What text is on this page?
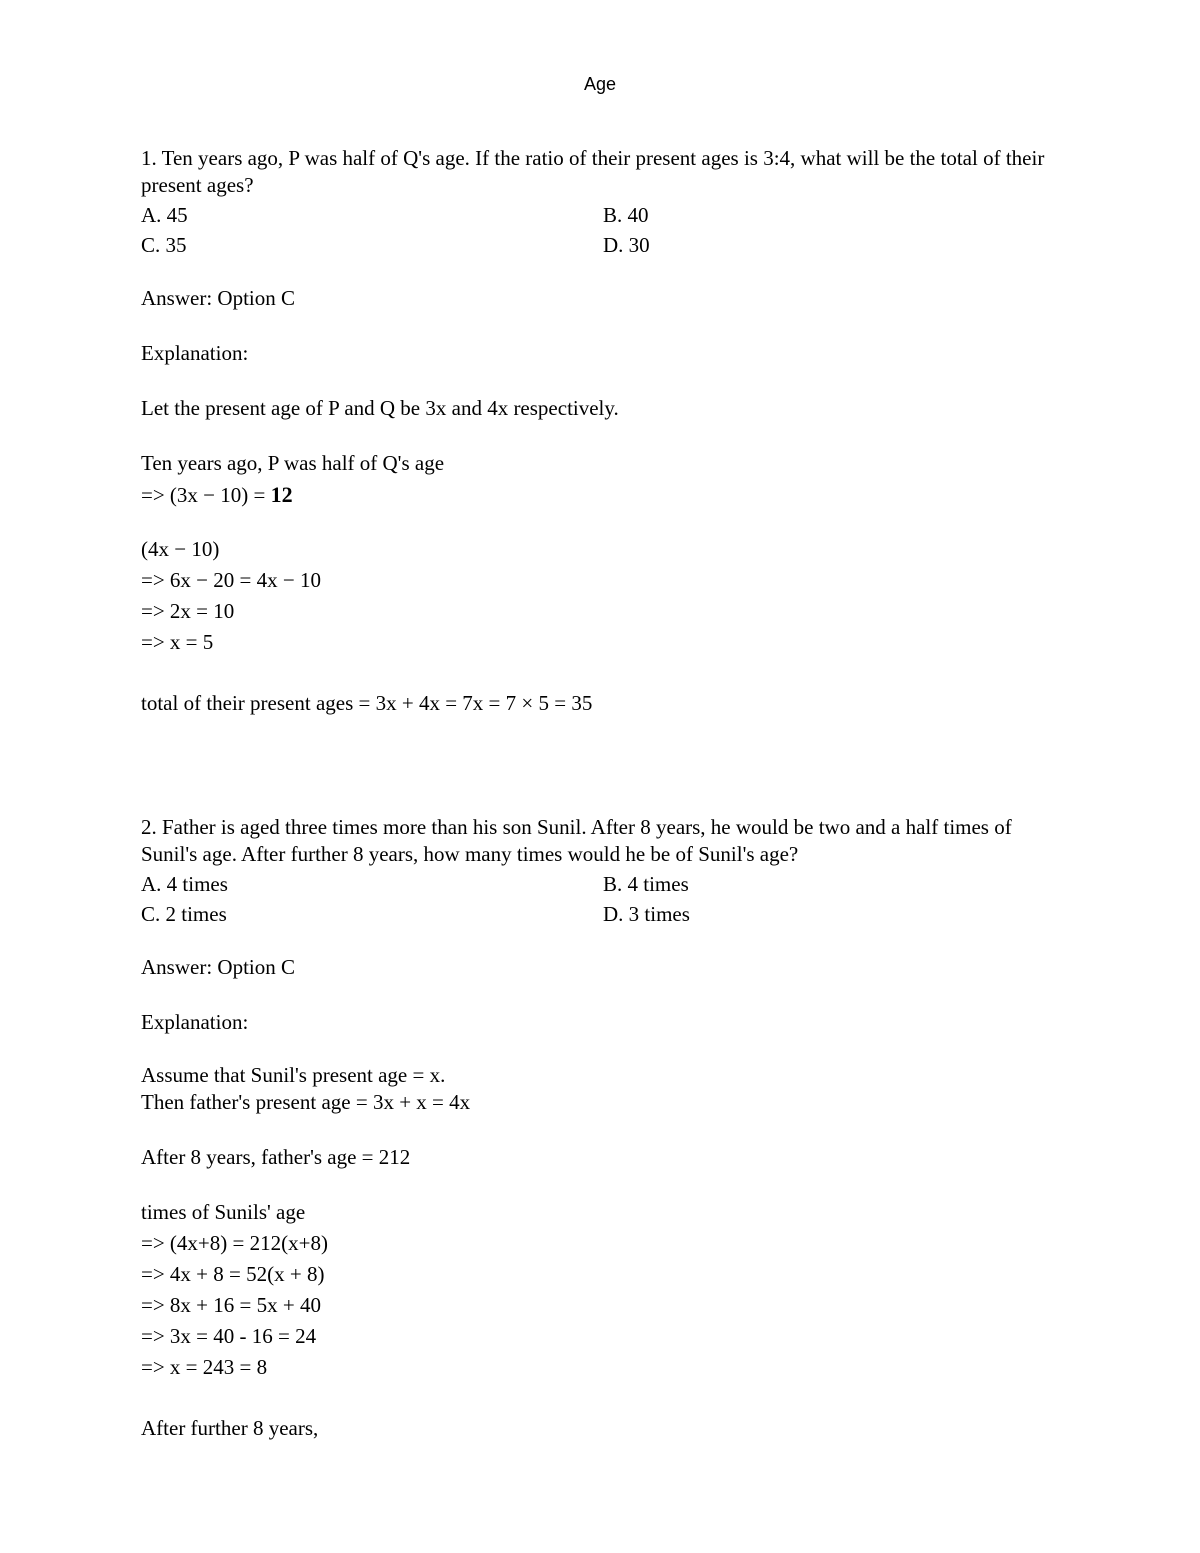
Age
1. Ten years ago, P was half of Q's age. If the ratio of their present ages is 3:4, what will be the total of their present ages?
A. 45	B. 40
C. 35	D. 30
Answer: Option C
Explanation:
Let the present age of P and Q be 3x and 4x respectively.
Ten years ago, P was half of Q's age
=> (3x − 10) = 12
(4x − 10)
=> 6x − 20 = 4x − 10
=> 2x = 10
=> x = 5
total of their present ages = 3x + 4x = 7x = 7 × 5 = 35
2. Father is aged three times more than his son Sunil. After 8 years, he would be two and a half times of Sunil's age. After further 8 years, how many times would he be of Sunil's age?
A. 4 times	B. 4 times
C. 2 times	D. 3 times
Answer: Option C
Explanation:
Assume that Sunil's present age = x.
Then father's present age = 3x + x = 4x
After 8 years, father's age = 212
times of Sunils' age
=> (4x+8) = 212(x+8)
=> 4x + 8 = 52(x + 8)
=> 8x + 16 = 5x + 40
=> 3x = 40 - 16 = 24
=> x = 243 = 8
After further 8 years,
